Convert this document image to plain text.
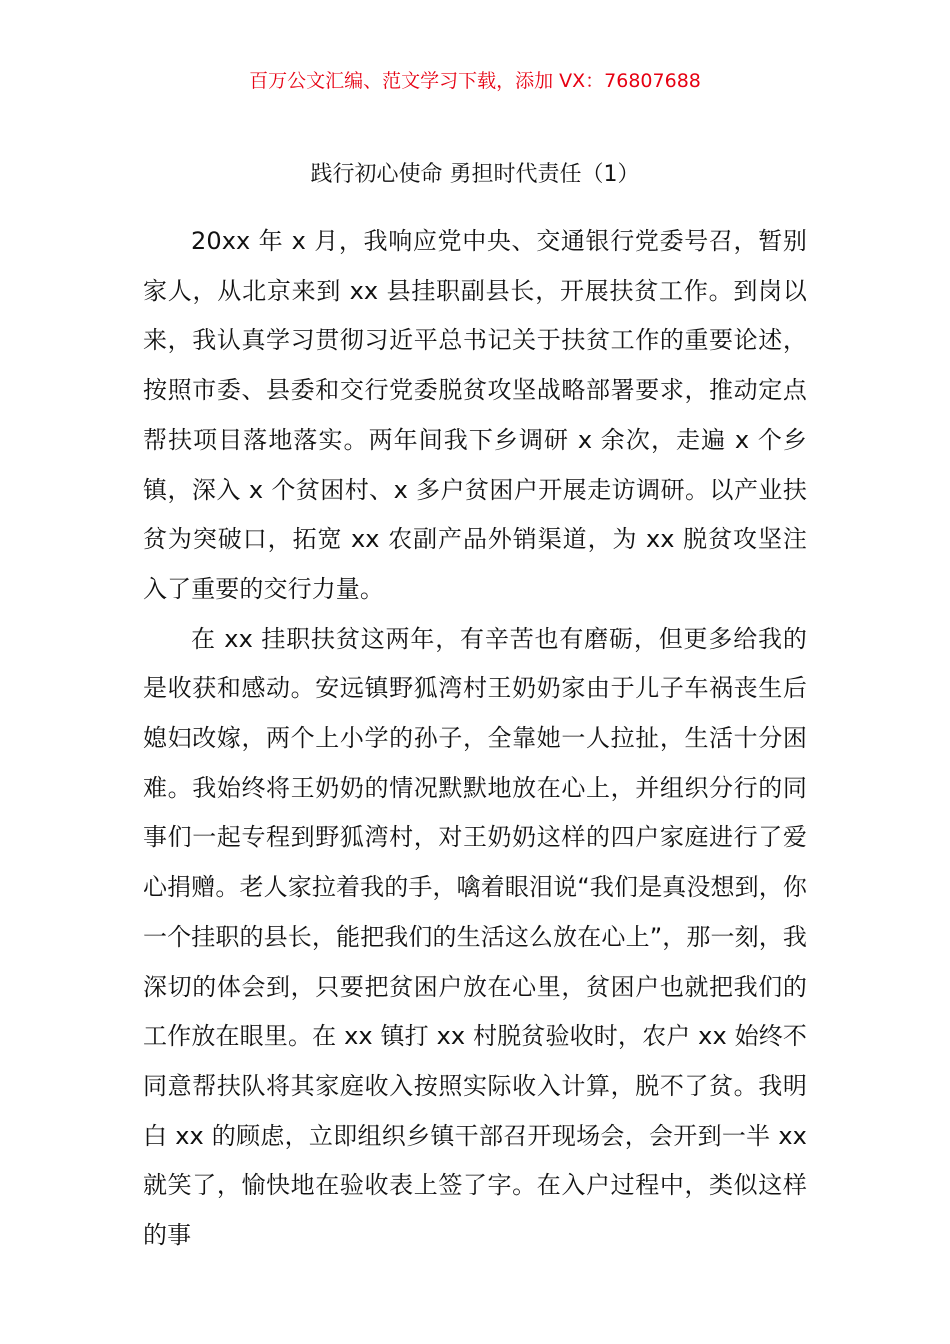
百万公文汇编、范文学习下载，添加 VX：76807688
践行初心使命 勇担时代责任（1）

20xx 年 x 月，我响应党中央、交通银行党委号召，暂别家人，从北京来到 xx 县挂职副县长，开展扶贫工作。到岗以来，我认真学习贯彻习近平总书记关于扶贫工作的重要论述，按照市委、县委和交行党委脱贫攻坚战略部署要求，推动定点帮扶项目落地落实。两年间我下乡调研 x 余次，走遍 x 个乡镇，深入 x 个贫困村、x 多户贫困户开展走访调研。以产业扶贫为突破口，拓宽 xx 农副产品外销渠道，为 xx 脱贫攻坚注入了重要的交行力量。

在 xx 挂职扶贫这两年，有辛苦也有磨砺，但更多给我的是收获和感动。安远镇野狐湾村王奶奶家由于儿子车祸丧生后媳妇改嫁，两个上小学的孙子，全靠她一人拉扯，生活十分困难。我始终将王奶奶的情况默默地放在心上，并组织分行的同事们一起专程到野狐湾村，对王奶奶这样的四户家庭进行了爱心捐赠。老人家拉着我的手，噙着眼泪说“我们是真没想到，你一个挂职的县长，能把我们的生活这么放在心上”，那一刻，我深切的体会到，只要把贫困户放在心里，贫困户也就把我们的工作放在眼里。在 xx 镇打 xx 村脱贫验收时，农户 xx 始终不同意帮扶队将其家庭收入按照实际收入计算，脱不了贫。我明白 xx 的顾虑，立即组织乡镇干部召开现场会，会开到一半 xx 就笑了，愉快地在验收表上签了字。在入户过程中，类似这样的事
